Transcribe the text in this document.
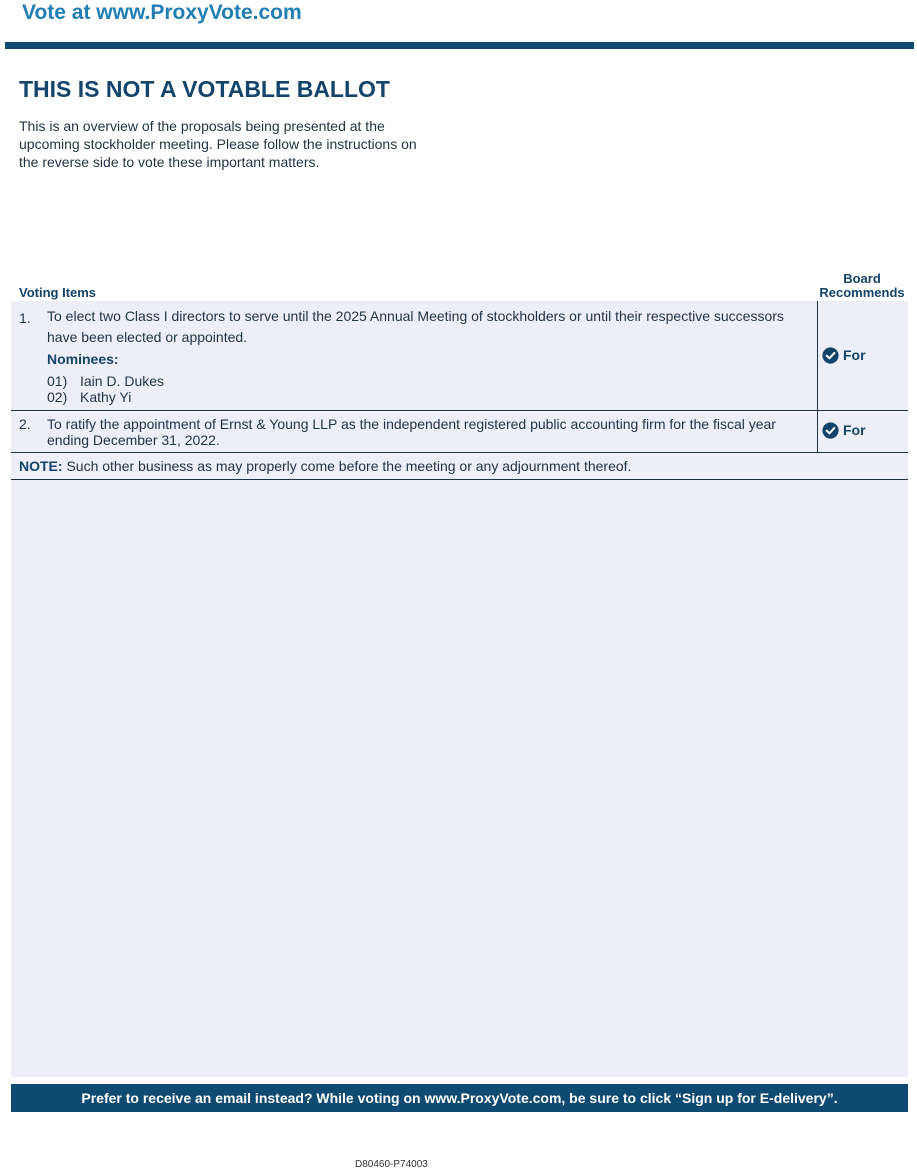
Vote at www.ProxyVote.com
THIS IS NOT A VOTABLE BALLOT
This is an overview of the proposals being presented at the
upcoming stockholder meeting. Please follow the instructions on
the reverse side to vote these important matters.
Voting Items
Board
Recommends
1. To elect two Class I directors to serve until the 2025 Annual Meeting of stockholders or until their respective successors
have been elected or appointed.
Nominees:
01) Iain D. Dukes
02) Kathy Yi
For
2. To ratify the appointment of Ernst & Young LLP as the independent registered public accounting firm for the fiscal year
ending December 31, 2022.
For
NOTE: Such other business as may properly come before the meeting or any adjournment thereof.
Prefer to receive an email instead? While voting on www.ProxyVote.com, be sure to click “Sign up for E-delivery”.
D80460-P74003
